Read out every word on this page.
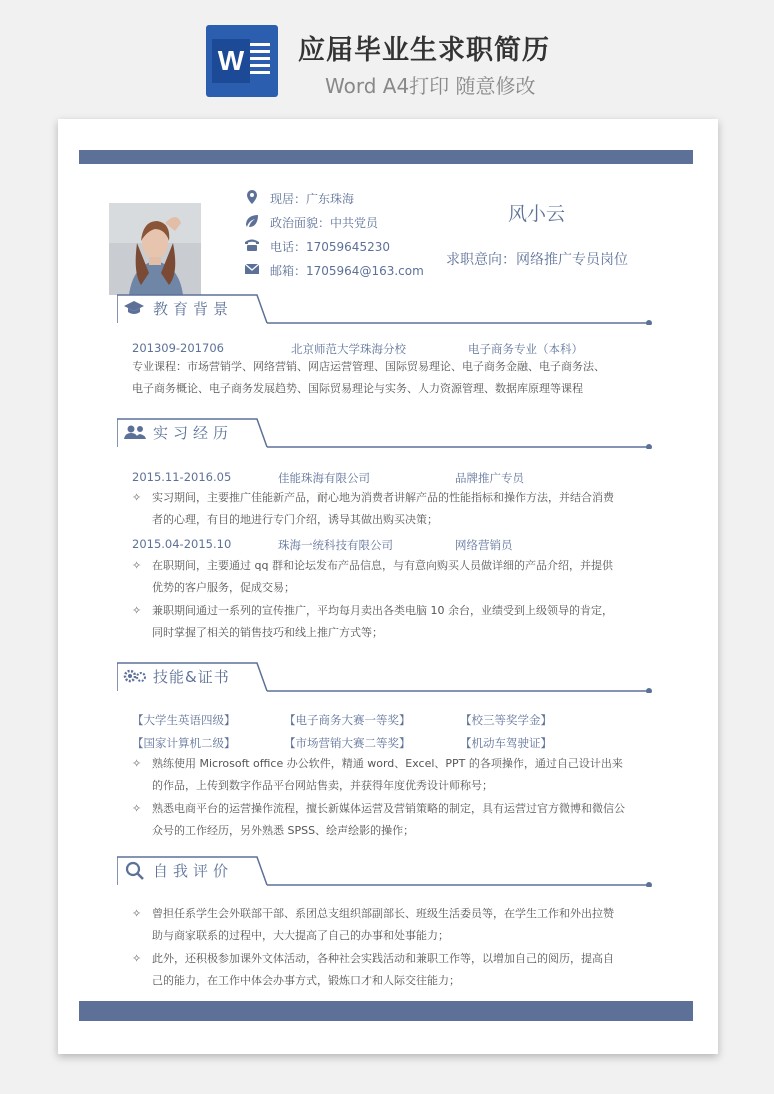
W 应届毕业生求职简历
Word A4打印 随意修改
现居：广东珠海
政治面貌：中共党员
电话：17059645230
邮箱：1705964@163.com
风小云
求职意向：网络推广专员岗位
教育背景
201309-201706	北京师范大学珠海分校	电子商务专业（本科）
专业课程：市场营销学、网络营销、网店运营管理、国际贸易理论、电子商务金融、电子商务法、
电子商务概论、电子商务发展趋势、国际贸易理论与实务、人力资源管理、数据库原理等课程
实习经历
2015.11-2016.05	佳能珠海有限公司	品牌推广专员
✧ 实习期间，主要推广佳能新产品，耐心地为消费者讲解产品的性能指标和操作方法，并结合消费
者的心理，有目的地进行专门介绍，诱导其做出购买决策；
2015.04-2015.10	珠海一统科技有限公司	网络营销员
✧ 在职期间，主要通过 qq 群和论坛发布产品信息，与有意向购买人员做详细的产品介绍，并提供
优势的客户服务，促成交易；
✧ 兼职期间通过一系列的宣传推广，平均每月卖出各类电脑 10 余台，业绩受到上级领导的肯定，
同时掌握了相关的销售技巧和线上推广方式等；
技能&证书
【大学生英语四级】	【电子商务大赛一等奖】	【校三等奖学金】
【国家计算机二级】	【市场营销大赛二等奖】	【机动车驾驶证】
✧ 熟练使用 Microsoft office 办公软件，精通 word、Excel、PPT 的各项操作，通过自己设计出来
的作品，上传到数字作品平台网站售卖，并获得年度优秀设计师称号；
✧ 熟悉电商平台的运营操作流程，擅长新媒体运营及营销策略的制定，具有运营过官方微博和微信公
众号的工作经历，另外熟悉 SPSS、绘声绘影的操作；
自我评价
✧ 曾担任系学生会外联部干部、系团总支组织部副部长、班级生活委员等，在学生工作和外出拉赞
助与商家联系的过程中，大大提高了自己的办事和处事能力；
✧ 此外，还积极参加课外文体活动，各种社会实践活动和兼职工作等，以增加自己的阅历，提高自
己的能力，在工作中体会办事方式，锻炼口才和人际交往能力；
